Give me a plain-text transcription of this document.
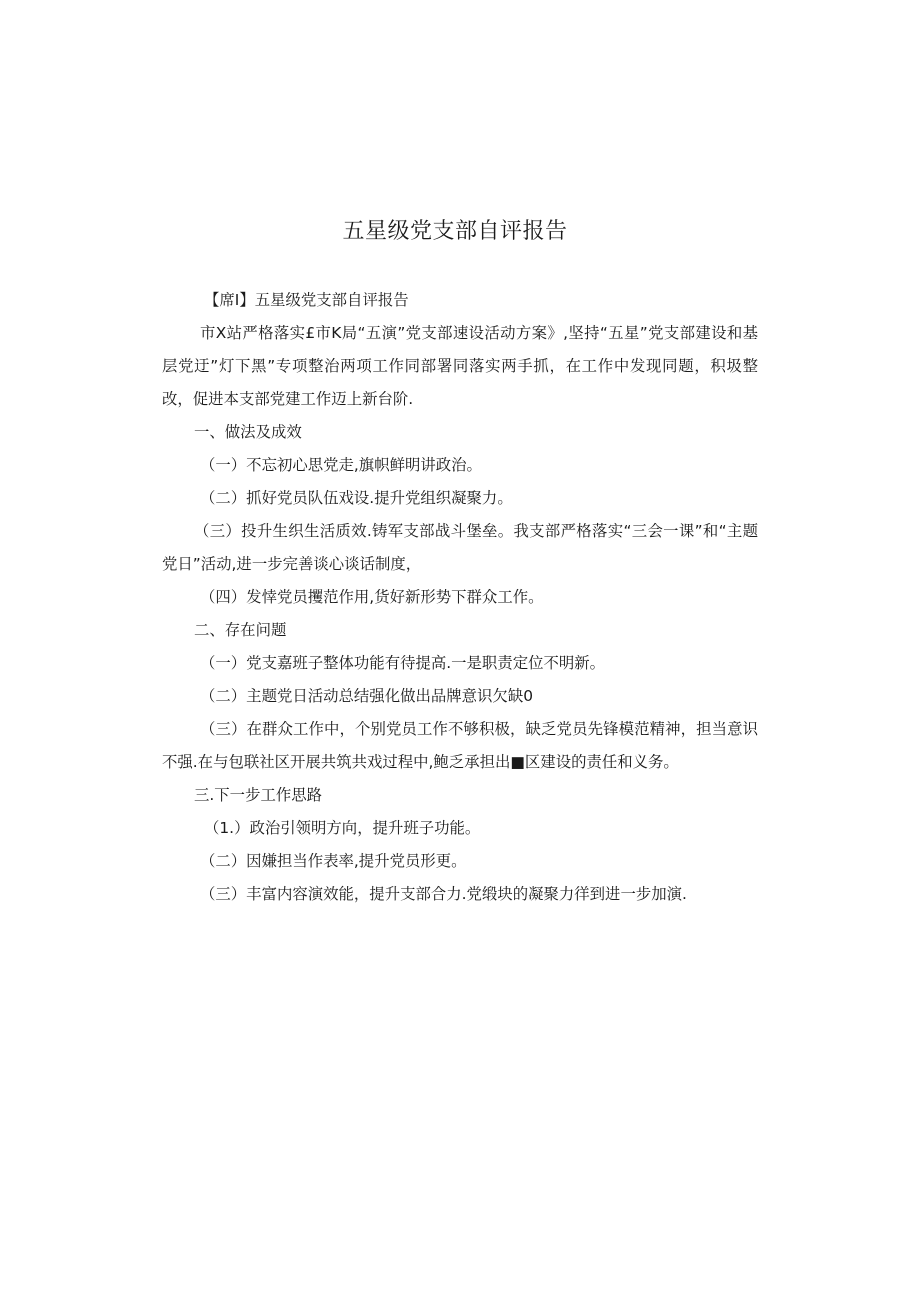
五星级党支部自评报告

【席Ⅰ】五星级党支部自评报告

市X站严格落实£市K局“五演”党支部速设活动方案》,坚持“五星”党支部建设和基层党迂”灯下黑”专项整治两项工作同部署同落实两手抓，在工作中发现同题，积圾整改，促进本支部党建工作迈上新台阶.

一、做法及成效

（一）不忘初心思党走,旗帜鲜明讲政治。

（二）抓好党员队伍戏设.提升党组织凝聚力。

（三）投升生织生活质效.铸军支部战斗堡垒。我支部严格落实“三会一课”和“主题党日”活动,进一步完善谈心谈话制度，

（四）发悻党员攫范作用,货好新形势下群众工作。

二、存在问题

（一）党支嘉班子整体功能有待提高.一是职责定位不明新。

（二）主题党日活动总结强化做出品牌意识欠缺0

（三）在群众工作中，个别党员工作不够积极，缺乏党员先锋模范精神，担当意识不强.在与包联社区开展共筑共戏过程中,鲍乏承担出■区建设的责任和义务。

三.下一步工作思路

（1.）政治引领明方向，提升班子功能。

（二）因嫌担当作表率,提升党员形更。

（三）丰富内容演效能，提升支部合力.党缎块的凝聚力徉到进一步加演.
